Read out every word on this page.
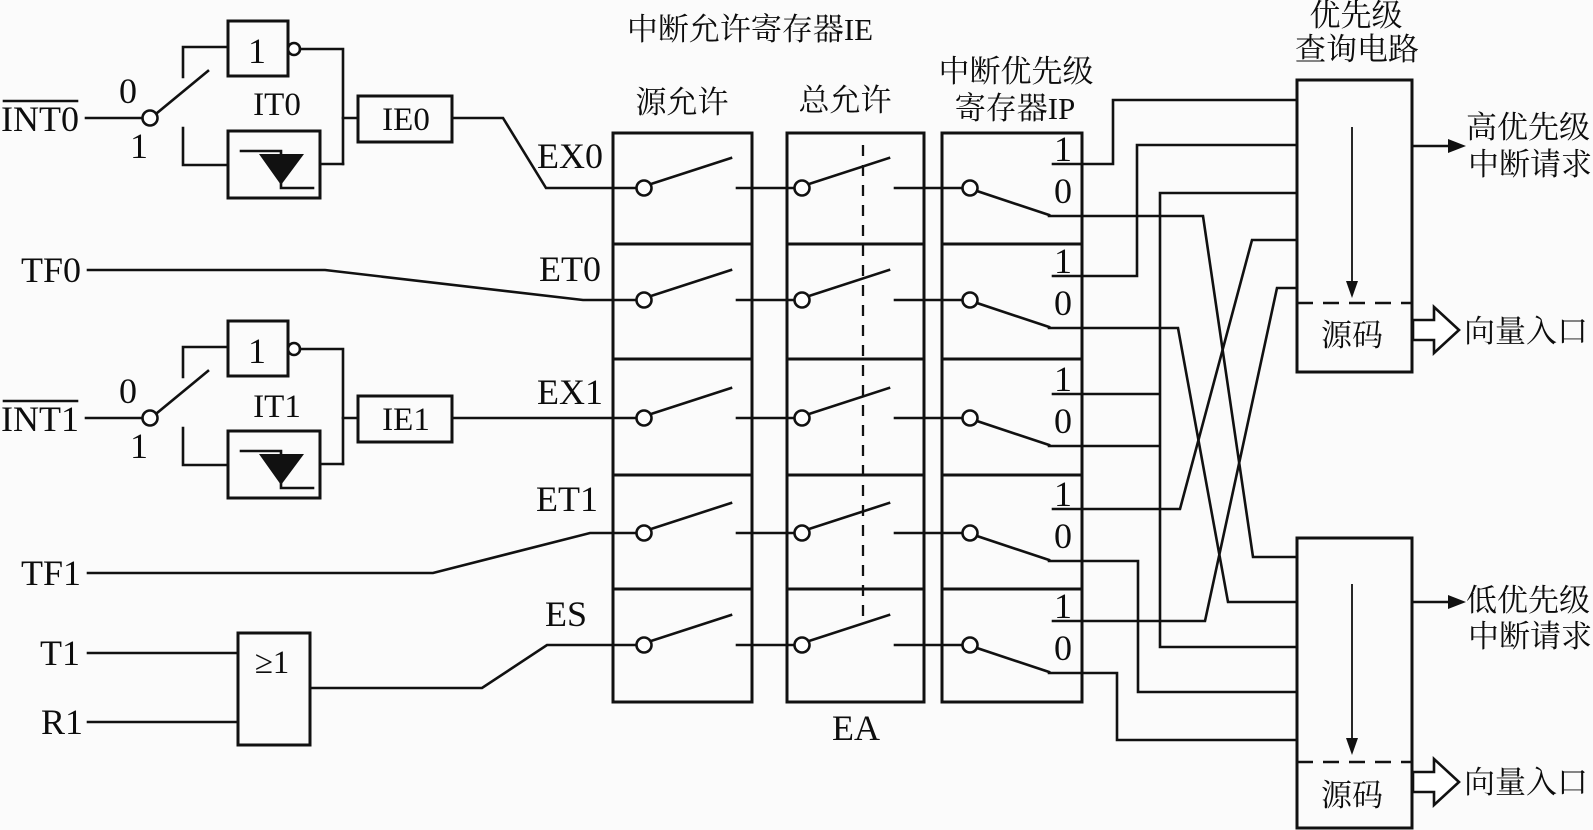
INT0
0
1
1
IT0 IE0
TF0
INT1
0
1
1
IT1 IE1
TF1
T1
R1
≥1
中断允许寄存器IE
源允许 总允许
中断优先级
寄存器IP
优先级
查询电路
EA
EX0
ET0
EX1
ET1
ES
1
0
1
0
1
0
1
0
1
0
源码
高优先级
中断请求
向量入口
源码
低优先级
中断请求
向量入口
